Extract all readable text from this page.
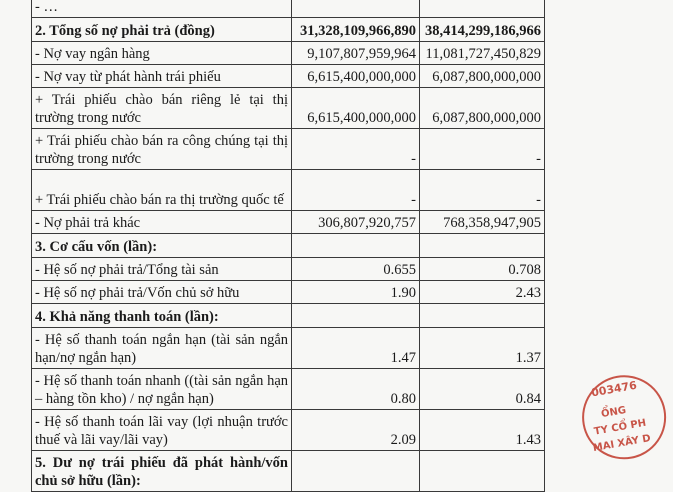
- …		
2. Tổng số nợ phải trả (đồng)	31,328,109,966,890	38,414,299,186,966
- Nợ vay ngân hàng	9,107,807,959,964	11,081,727,450,829
- Nợ vay từ phát hành trái phiếu	6,615,400,000,000	6,087,800,000,000
+ Trái phiếu chào bán riêng lẻ tại thị trường trong nước	6,615,400,000,000	6,087,800,000,000
+ Trái phiếu chào bán ra công chúng tại thị trường trong nước	-	-
+ Trái phiếu chào bán ra thị trường quốc tế	-	-
- Nợ phải trả khác	306,807,920,757	768,358,947,905
3. Cơ cấu vốn (lần):		
- Hệ số nợ phải trả/Tổng tài sản	0.655	0.708
- Hệ số nợ phải trả/Vốn chủ sở hữu	1.90	2.43
4. Khả năng thanh toán (lần):		
- Hệ số thanh toán ngắn hạn (tài sản ngắn hạn/nợ ngắn hạn)	1.47	1.37
- Hệ số thanh toán nhanh ((tài sản ngắn hạn – hàng tồn kho) / nợ ngắn hạn)	0.80	0.84
- Hệ số thanh toán lãi vay (lợi nhuận trước thuế và lãi vay/lãi vay)	2.09	1.43
5. Dư nợ trái phiếu đã phát hành/vốn chủ sở hữu (lần):		
003476
ỔNG
TY CỔ PH
MAI XÂY D
